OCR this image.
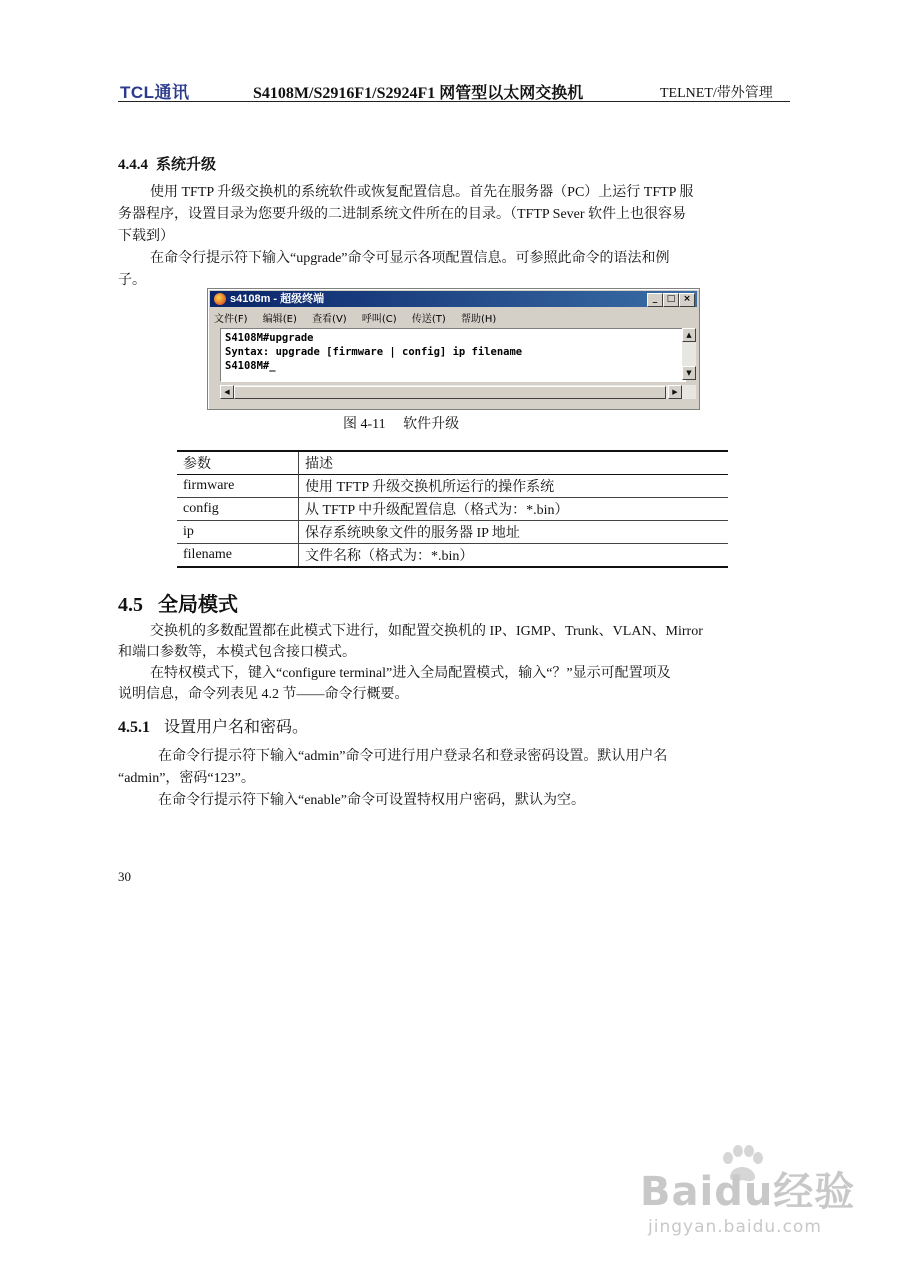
TCL通讯	S4108M/S2916F1/S2924F1 网管型以太网交换机	TELNET/带外管理
4.4.4 系统升级
使用 TFTP 升级交换机的系统软件或恢复配置信息。首先在服务器（PC）上运行 TFTP 服
务器程序，设置目录为您要升级的二进制系统文件所在的目录。（TFTP Sever 软件上也很容易
下载到）
在命令行提示符下输入“upgrade”命令可显示各项配置信息。可参照此命令的语法和例
子。
s4108m - 超级终端	_	□ ×
文件(F) 编辑(E) 查看(V) 呼叫(C) 传送(T) 帮助(H)
S4108M#upgrade
Syntax: upgrade [firmware | config] ip filename
S4108M#_
▲
▼
◀	▶
图 4-11 软件升级
参数	描述
firmware	使用 TFTP 升级交换机所运行的操作系统
config	从 TFTP 中升级配置信息（格式为：*.bin）
ip	保存系统映象文件的服务器 IP 地址
filename	文件名称（格式为：*.bin）
4.5 全局模式
交换机的多数配置都在此模式下进行，如配置交换机的 IP、IGMP、Trunk、VLAN、Mirror
和端口参数等，本模式包含接口模式。
在特权模式下，键入“configure terminal”进入全局配置模式，输入“？”显示可配置项及
说明信息，命令列表见 4.2 节——命令行概要。
4.5.1 设置用户名和密码。
在命令行提示符下输入“admin”命令可进行用户登录名和登录密码设置。默认用户名
“admin”，密码“123”。
在命令行提示符下输入“enable”命令可设置特权用户密码，默认为空。
30
Baidu经验
jingyan.baidu.com
